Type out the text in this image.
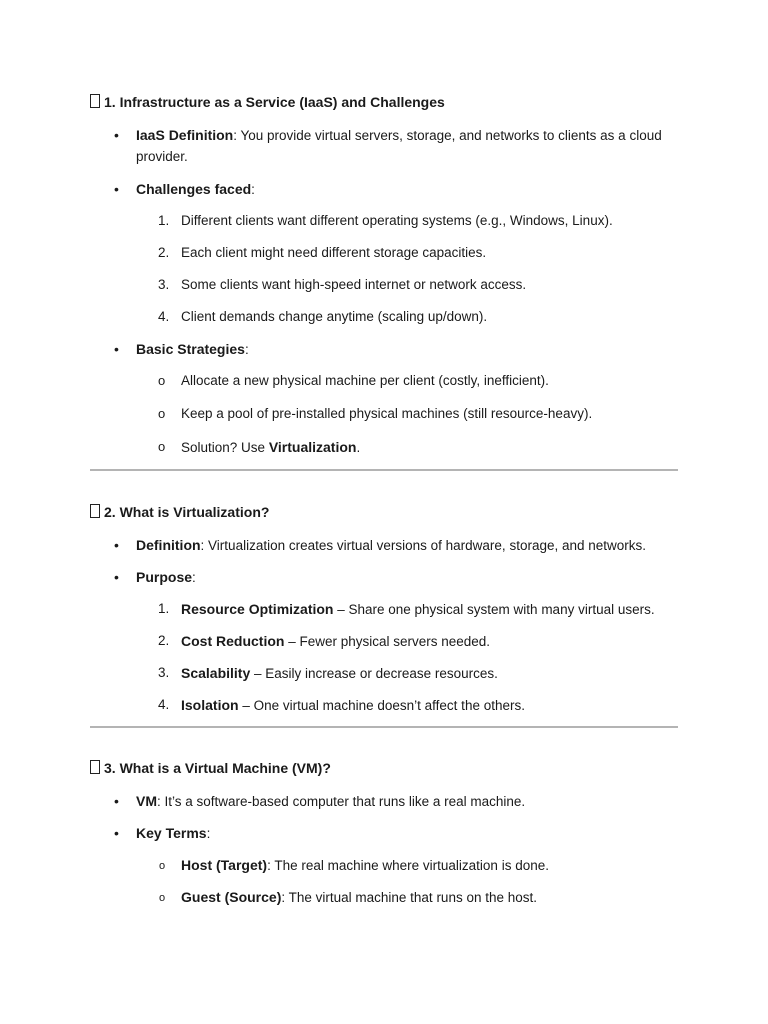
1. Infrastructure as a Service (IaaS) and Challenges
• IaaS Definition: You provide virtual servers, storage, and networks to clients as a cloud
provider.
• Challenges faced:
1. Different clients want different operating systems (e.g., Windows, Linux).
2. Each client might need different storage capacities.
3. Some clients want high-speed internet or network access.
4. Client demands change anytime (scaling up/down).
• Basic Strategies:
o Allocate a new physical machine per client (costly, inefficient).
o Keep a pool of pre-installed physical machines (still resource-heavy).
o Solution? Use Virtualization.
2. What is Virtualization?
• Definition: Virtualization creates virtual versions of hardware, storage, and networks.
• Purpose:
1. Resource Optimization – Share one physical system with many virtual users.
2. Cost Reduction – Fewer physical servers needed.
3. Scalability – Easily increase or decrease resources.
4. Isolation – One virtual machine doesn’t affect the others.
3. What is a Virtual Machine (VM)?
• VM: It’s a software-based computer that runs like a real machine.
• Key Terms:
o Host (Target): The real machine where virtualization is done.
o Guest (Source): The virtual machine that runs on the host.
